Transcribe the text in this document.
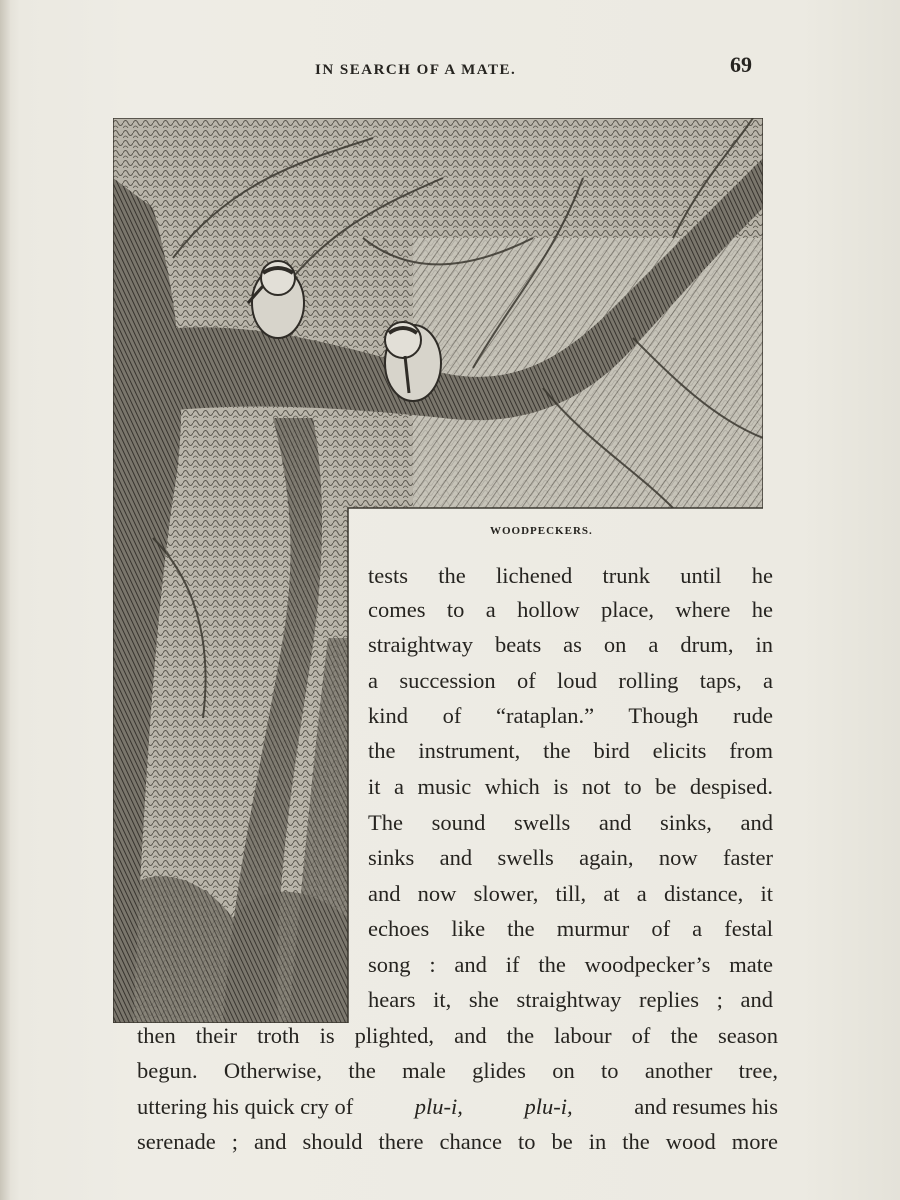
IN SEARCH OF A MATE.	69
WOODPECKERS.
tests the lichened trunk until he
comes to a hollow place, where he
straightway beats as on a drum, in
a succession of loud rolling taps, a
kind of “rataplan.” Though rude
the instrument, the bird elicits from
it a music which is not to be despised.
The sound swells and sinks, and
sinks and swells again, now faster
and now slower, till, at a distance, it
echoes like the murmur of a festal
song : and if the woodpecker’s mate
hears it, she straightway replies ; and
then their troth is plighted, and the labour of the season
begun. Otherwise, the male glides on to another tree,
uttering his quick cry of	plu-i,	plu-i,	and resumes his
serenade ; and should there chance to be in the wood more
